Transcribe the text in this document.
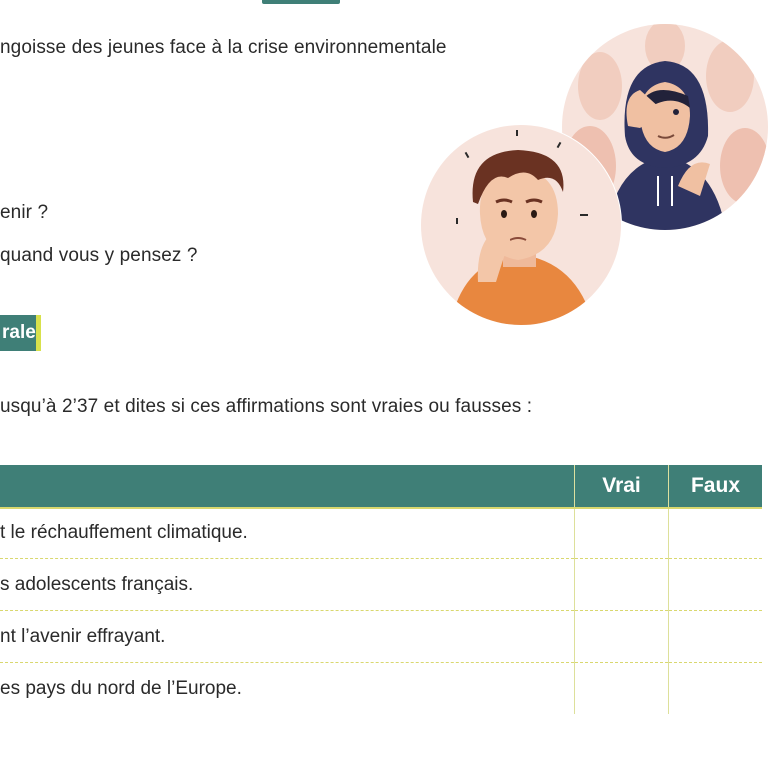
ngoisse des jeunes face à la crise environnementale
enir ?
quand vous y pensez ?
rale
usqu’à 2’37 et dites si ces affirmations sont vraies ou fausses :
	Vrai	Faux
t le réchauffement climatique.		
s adolescents français.		
nt l’avenir effrayant.		
es pays du nord de l’Europe.		
